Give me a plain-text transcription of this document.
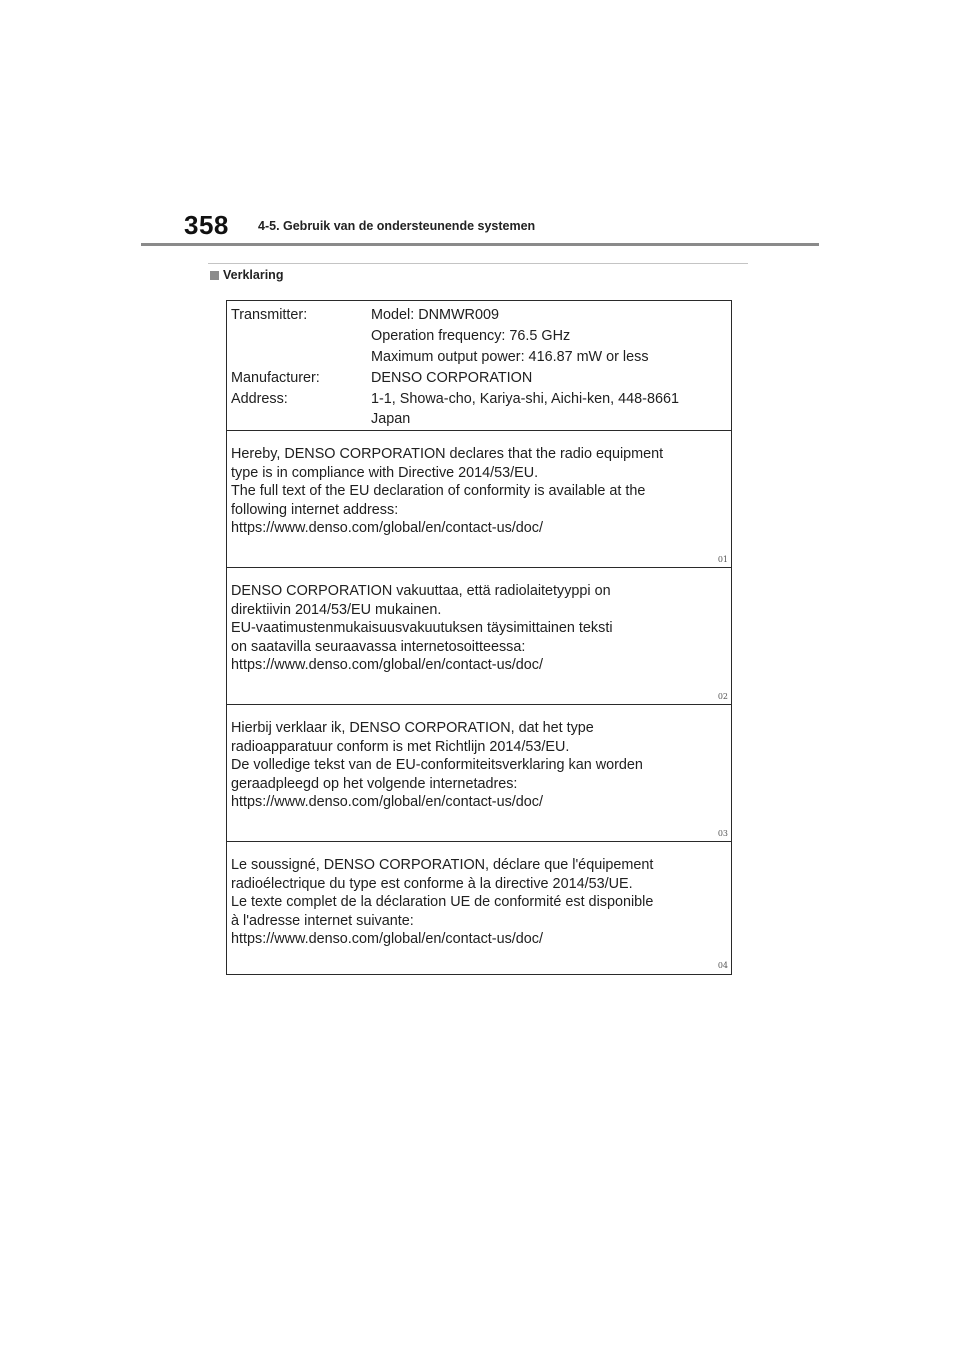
358 4-5. Gebruik van de ondersteunende systemen
Verklaring
Transmitter:	Model: DNMWR009
Operation frequency: 76.5 GHz
Maximum output power: 416.87 mW or less
Manufacturer:	DENSO CORPORATION
Address:	1-1, Showa-cho, Kariya-shi, Aichi-ken, 448-8661
Japan
Hereby, DENSO CORPORATION declares that the radio equipment
type is in compliance with Directive 2014/53/EU.
The full text of the EU declaration of conformity is available at the
following internet address:
https://www.denso.com/global/en/contact-us/doc/
01
DENSO CORPORATION vakuuttaa, että radiolaitetyyppi on
direktiivin 2014/53/EU mukainen.
EU-vaatimustenmukaisuusvakuutuksen täysimittainen teksti
on saatavilla seuraavassa internetosoitteessa:
https://www.denso.com/global/en/contact-us/doc/
02
Hierbij verklaar ik, DENSO CORPORATION, dat het type
radioapparatuur conform is met Richtlijn 2014/53/EU.
De volledige tekst van de EU-conformiteitsverklaring kan worden
geraadpleegd op het volgende internetadres:
https://www.denso.com/global/en/contact-us/doc/
03
Le soussigné, DENSO CORPORATION, déclare que l'équipement
radioélectrique du type est conforme à la directive 2014/53/UE.
Le texte complet de la déclaration UE de conformité est disponible
à l'adresse internet suivante:
https://www.denso.com/global/en/contact-us/doc/
04
